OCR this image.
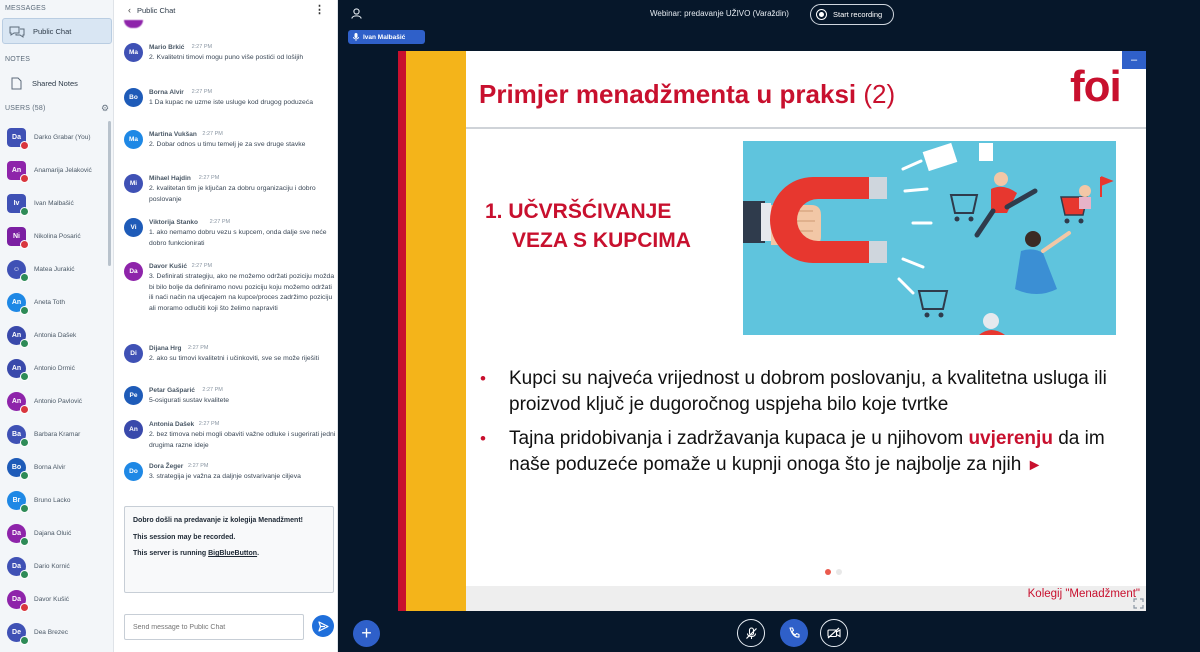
MESSAGES
Public Chat
NOTES
Shared Notes
USERS (58)	⚙
Da Darko Grabar (You)
An Anamarija Jelaković
Iv Ivan Malbašić
Ni Nikolina Posarić
☺ Matea Jurakić
An Aneta Toth
An Antonia Dašek
An Antonio Drmić
An Antonio Pavlović
Ba Barbara Kramar
Bo Borna Alvir
Br Bruno Lacko
Da Dajana Oluić
Da Dario Kornić
Da Davor Kušić
De Dea Brezec
‹ Public Chat	⋮
Ma
Mario Brkić 2:27 PM
2. Kvalitetni timovi mogu puno više postići od lošijih
Bo
Borna Alvir 2:27 PM
1 Da kupac ne uzme iste usluge kod drugog poduzeća
Ma
Martina Vukšan 2:27 PM
2. Dobar odnos u timu temelj je za sve druge stavke
Mi
Mihael Hajdin 2:27 PM
2. kvalitetan tim je ključan za dobru organizaciju i dobro poslovanje
Vi
Viktorija Stanko 2:27 PM
1. ako nemamo dobru vezu s kupcem, onda dalje sve neće dobro funkcionirati
Da
Davor Kušić 2:27 PM
3. Definirati strategiju, ako ne možemo održati poziciju možda bi bilo bolje da definiramo novu poziciju koju možemo održati ili naći način na utjecajem na kupce/proces zadržimo poziciju ali moramo odlučiti koji što želimo napraviti
Di
Dijana Hrg 2:27 PM
2. ako su timovi kvalitetni i učinkoviti, sve se može riješiti
Pe
Petar Gašparić 2:27 PM
5-osigurati sustav kvalitete
An
Antonia Dašek 2:27 PM
2. bez timova nebi mogli obaviti važne odluke i sugerirati jedni drugima razne ideje
Do
Dora Žeger 2:27 PM
3. strategija je važna za daljnje ostvarivanje ciljeva

Dobro došli na predavanje iz kolegija Menadžment!

This session may be recorded.

This server is running BigBlueButton.

Send message to Public Chat
Webinar: predavanje UŽIVO (Varaždin)	Start recording
Ivan Malbašić
Primjer menadžmenta u praksi (2)	foi
–
1. UČVRŠĆIVANJE
VEZA S KUPCIMA
• Kupci su najveća vrijednost u dobrom poslovanju, a kvalitetna usluga ili proizvod ključ je dugoročnog uspjeha bilo koje tvrtke
• Tajna pridobivanja i zadržavanja kupaca je u njihovom uvjerenju da im naše poduzeće pomaže u kupnji onoga što je najbolje za njih ►
Kolegij "Menadžment"
+
